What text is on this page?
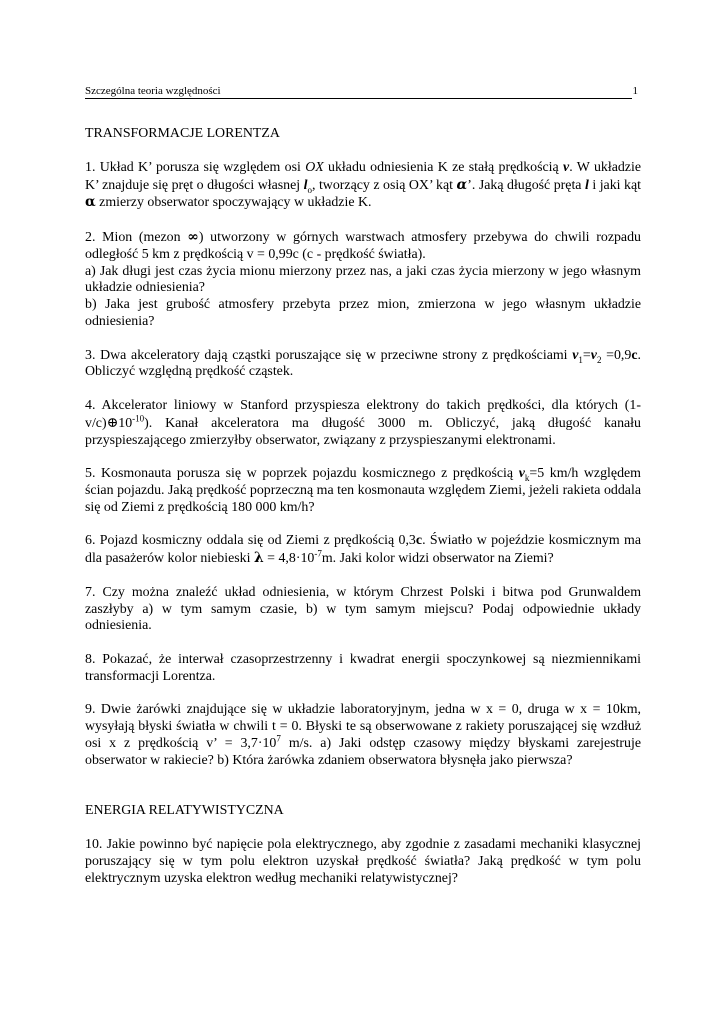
Szczególna teoria względności	1

TRANSFORMACJE LORENTZA

1. Układ K’ porusza się względem osi OX układu odniesienia K ze stałą prędkością v. W układzie K’ znajduje się pręt o długości własnej $l_o$, tworzący z osią OX’ kąt α’. Jaką długość pręta l i jaki kąt α zmierzy obserwator spoczywający w układzie K.

2. Mion (mezon ∞) utworzony w górnych warstwach atmosfery przebywa do chwili rozpadu odległość 5 km z prędkością v = 0,99c (c - prędkość światła).
a) Jak długi jest czas życia mionu mierzony przez nas, a jaki czas życia mierzony w jego własnym układzie odniesienia?
b) Jaka jest grubość atmosfery przebyta przez mion, zmierzona w jego własnym układzie odniesienia?

3. Dwa akceleratory dają cząstki poruszające się w przeciwne strony z prędkościami $v_1=v_2 =0,9c$. Obliczyć względną prędkość cząstek.

4. Akcelerator liniowy w Stanford przyspiesza elektrony do takich prędkości, dla których $(1-v/c)\oplus 10^{-10}$). Kanał akceleratora ma długość 3000 m. Obliczyć, jaką długość kanału przyspieszającego zmierzyłby obserwator, związany z przyspieszanymi elektronami.

5. Kosmonauta porusza się w poprzek pojazdu kosmicznego z prędkością $v_k=5$ km/h względem ścian pojazdu. Jaką prędkość poprzeczną ma ten kosmonauta względem Ziemi, jeżeli rakieta oddala się od Ziemi z prędkością 180 000 km/h?

6. Pojazd kosmiczny oddala się od Ziemi z prędkością 0,3c. Światło w pojeździe kosmicznym ma dla pasażerów kolor niebieski $\lambda = 4,8\cdot 10^{-7}m$. Jaki kolor widzi obserwator na Ziemi?

7. Czy można znaleźć układ odniesienia, w którym Chrzest Polski i bitwa pod Grunwaldem zaszłyby a) w tym samym czasie, b) w tym samym miejscu? Podaj odpowiednie układy odniesienia.

8. Pokazać, że interwał czasoprzestrzenny i kwadrat energii spoczynkowej są niezmiennikami transformacji Lorentza.

9. Dwie żarówki znajdujące się w układzie laboratoryjnym, jedna w x = 0, druga w x = 10km, wysyłają błyski światła w chwili t = 0. Błyski te są obserwowane z rakiety poruszającej się wzdłuż osi x z prędkością v’ = $3,7\cdot 10^7$ m/s. a) Jaki odstęp czasowy między błyskami zarejestruje obserwator w rakiecie? b) Która żarówka zdaniem obserwatora błysnęła jako pierwsza?

ENERGIA RELATYWISTYCZNA

10. Jakie powinno być napięcie pola elektrycznego, aby zgodnie z zasadami mechaniki klasycznej poruszający się w tym polu elektron uzyskał prędkość światła? Jaką prędkość w tym polu elektrycznym uzyska elektron według mechaniki relatywistycznej?
